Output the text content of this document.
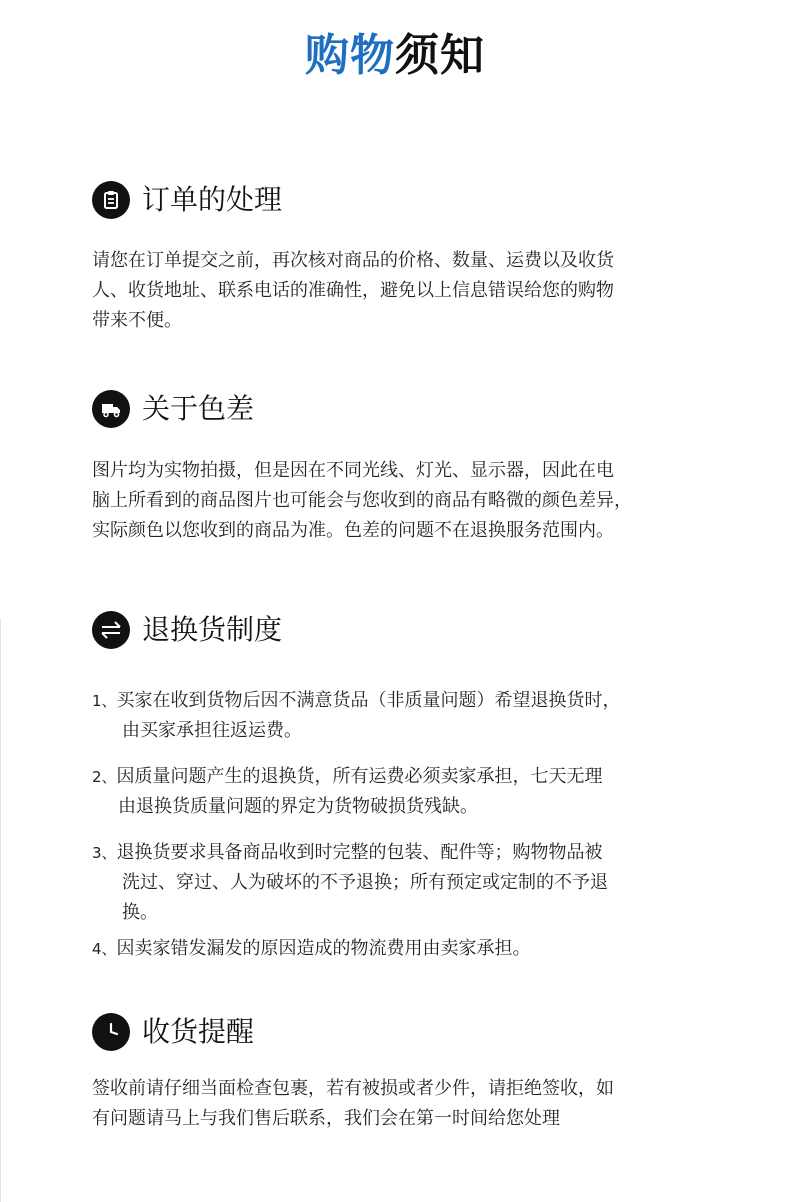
购物须知
订单的处理
请您在订单提交之前，再次核对商品的价格、数量、运费以及收货
人、收货地址、联系电话的准确性，避免以上信息错误给您的购物
带来不便。
关于色差
图片均为实物拍摄，但是因在不同光线、灯光、显示器，因此在电
脑上所看到的商品图片也可能会与您收到的商品有略微的颜色差异，
实际颜色以您收到的商品为准。色差的问题不在退换服务范围内。
退换货制度
1、买家在收到货物后因不满意货品（非质量问题）希望退换货时，
由买家承担往返运费。
2、因质量问题产生的退换货，所有运费必须卖家承担，七天无理
由退换货质量问题的界定为货物破损货残缺。
3、退换货要求具备商品收到时完整的包装、配件等；购物物品被
洗过、穿过、人为破坏的不予退换；所有预定或定制的不予退
换。
4、因卖家错发漏发的原因造成的物流费用由卖家承担。
收货提醒
签收前请仔细当面检查包裹，若有被损或者少件，请拒绝签收，如
有问题请马上与我们售后联系，我们会在第一时间给您处理
